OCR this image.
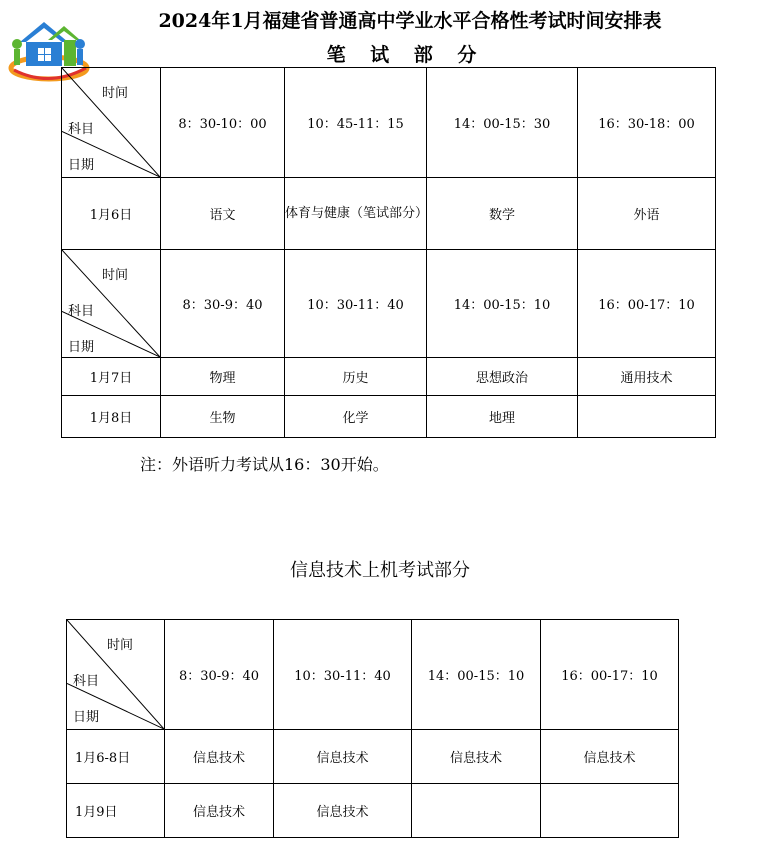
2024年1月福建省普通高中学业水平合格性考试时间安排表
笔 试 部 分
时间
科目
日期	8：30-10：00	10：45-11：15	14：00-15：30	16：30-18：00
1月6日	语文	体育与健康（笔试部分）	数学	外语

时间
科目
日期	8：30-9：40	10：30-11：40	14：00-15：10	16：00-17：10
1月7日	物理	历史	思想政治	通用技术
1月8日	生物	化学	地理	
注：外语听力考试从16：30开始。
信息技术上机考试部分
时间
科目
日期	8：30-9：40	10：30-11：40	14：00-15：10	16：00-17：10
1月6-8日	信息技术	信息技术	信息技术	信息技术
1月9日	信息技术	信息技术		
